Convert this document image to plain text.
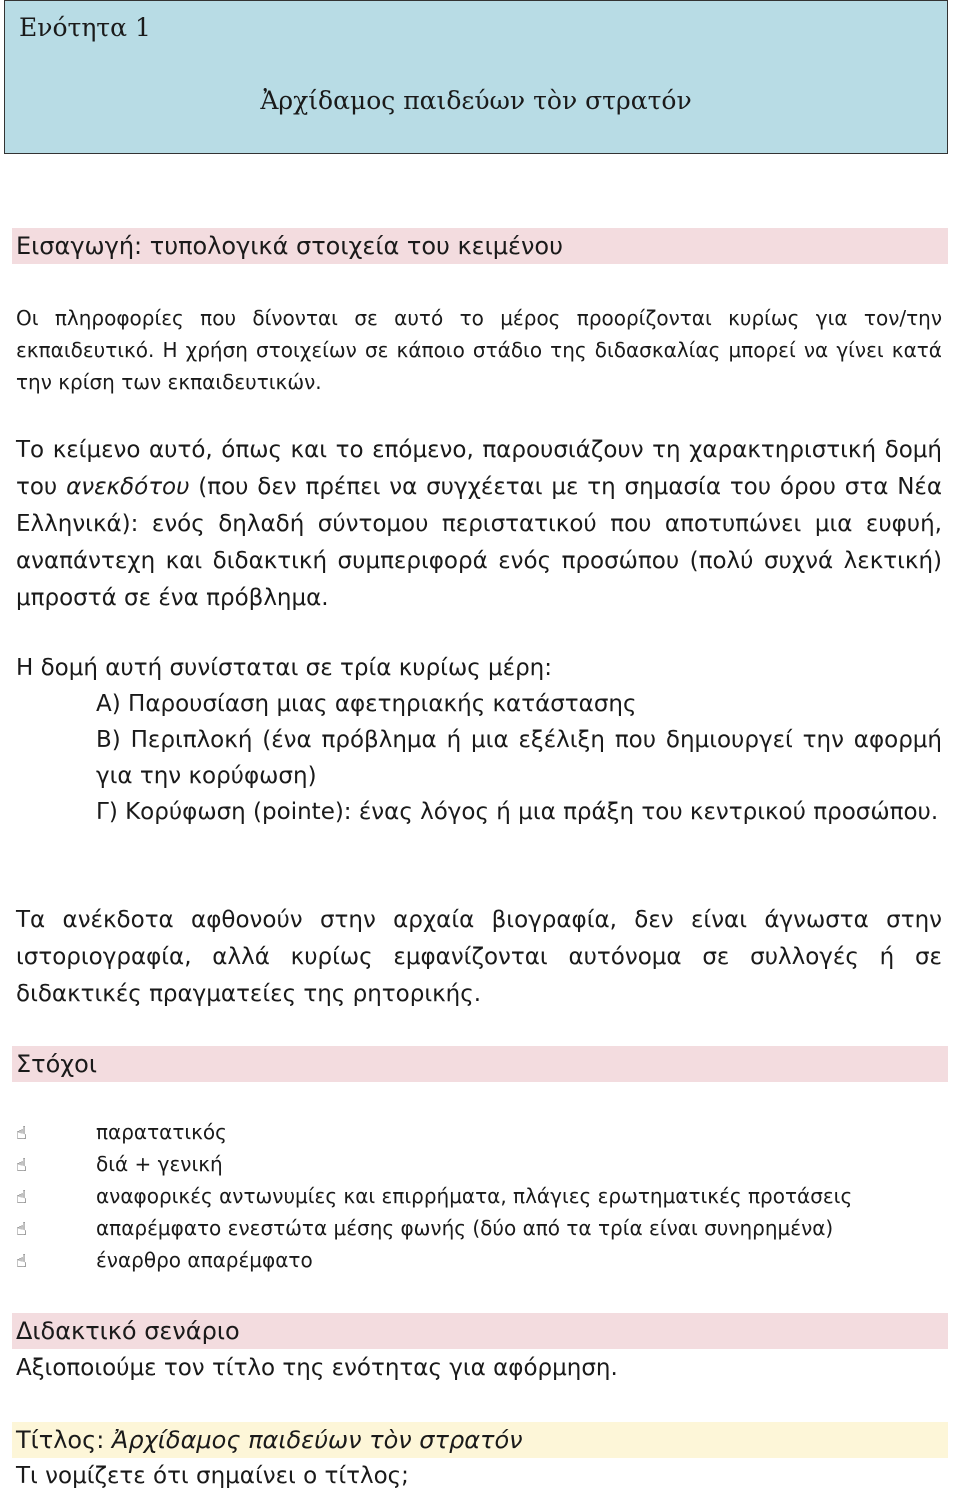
Ενότητα 1
Ἀρχίδαμος παιδεύων τὸν στρατόν
Εισαγωγή: τυπολογικά στοιχεία του κειμένου
Οι πληροφορίες που δίνονται σε αυτό το μέρος προορίζονται κυρίως για τον/την εκπαιδευτικό. Η χρήση στοιχείων σε κάποιο στάδιο της διδασκαλίας μπορεί να γίνει κατά την κρίση των εκπαιδευτικών.
Το κείμενο αυτό, όπως και το επόμενο, παρουσιάζουν τη χαρακτηριστική δομή του ανεκδότου (που δεν πρέπει να συγχέεται με τη σημασία του όρου στα Νέα Ελληνικά): ενός δηλαδή σύντομου περιστατικού που αποτυπώνει μια ευφυή, αναπάντεχη και διδακτική συμπεριφορά ενός προσώπου (πολύ συχνά λεκτική) μπροστά σε ένα πρόβλημα.
Η δομή αυτή συνίσταται σε τρία κυρίως μέρη:
Α) Παρουσίαση μιας αφετηριακής κατάστασης
Β) Περιπλοκή (ένα πρόβλημα ή μια εξέλιξη που δημιουργεί την αφορμή για την κορύφωση)
Γ) Κορύφωση (pointe): ένας λόγος ή μια πράξη του κεντρικού προσώπου.
Τα ανέκδοτα αφθονούν στην αρχαία βιογραφία, δεν είναι άγνωστα στην ιστοριογραφία, αλλά κυρίως εμφανίζονται αυτόνομα σε συλλογές ή σε διδακτικές πραγματείες της ρητορικής.
Στόχοι
☝	παρατατικός
☝	διά + γενική
☝	αναφορικές αντωνυμίες και επιρρήματα, πλάγιες ερωτηματικές προτάσεις
☝	απαρέμφατο ενεστώτα μέσης φωνής (δύο από τα τρία είναι συνηρημένα)
☝	έναρθρο απαρέμφατο
Διδακτικό σενάριο
Αξιοποιούμε τον τίτλο της ενότητας για αφόρμηση.
Τίτλος: Ἀρχίδαμος παιδεύων τὸν στρατόν
Τι νομίζετε ότι σημαίνει ο τίτλος;
